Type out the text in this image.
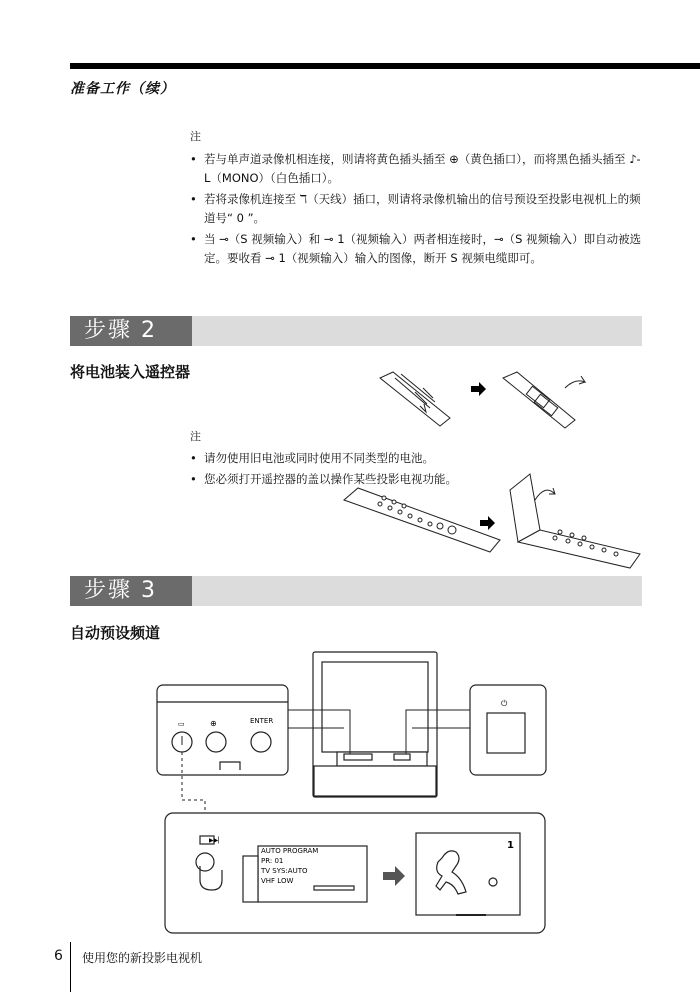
准备工作（续）
注
• 若与单声道录像机相连接，则请将黄色插头插至 ⊕（黄色插口），而将黑色插头插至 ♪-L（MONO）（白色插口）。
• 若将录像机连接至 ℸ（天线）插口，则请将录像机输出的信号预设至投影电视机上的频道号“ 0 ”。
• 当 ⊸（S 视频输入）和 ⊸ 1（视频输入）两者相连接时，⊸（S 视频输入）即自动被选定。要收看 ⊸ 1（视频输入）输入的图像，断开 S 视频电缆即可。
步骤 2
将电池装入遥控器
注
• 请勿使用旧电池或同时使用不同类型的电池。
• 您必须打开遥控器的盖以操作某些投影电视功能。
步骤 3
自动预设频道
▭	⊕	ENTER
⏻
▶▶▏
AUTO PROGRAM
PR: 01
TV SYS:AUTO
VHF LOW
1
6 使用您的新投影电视机
